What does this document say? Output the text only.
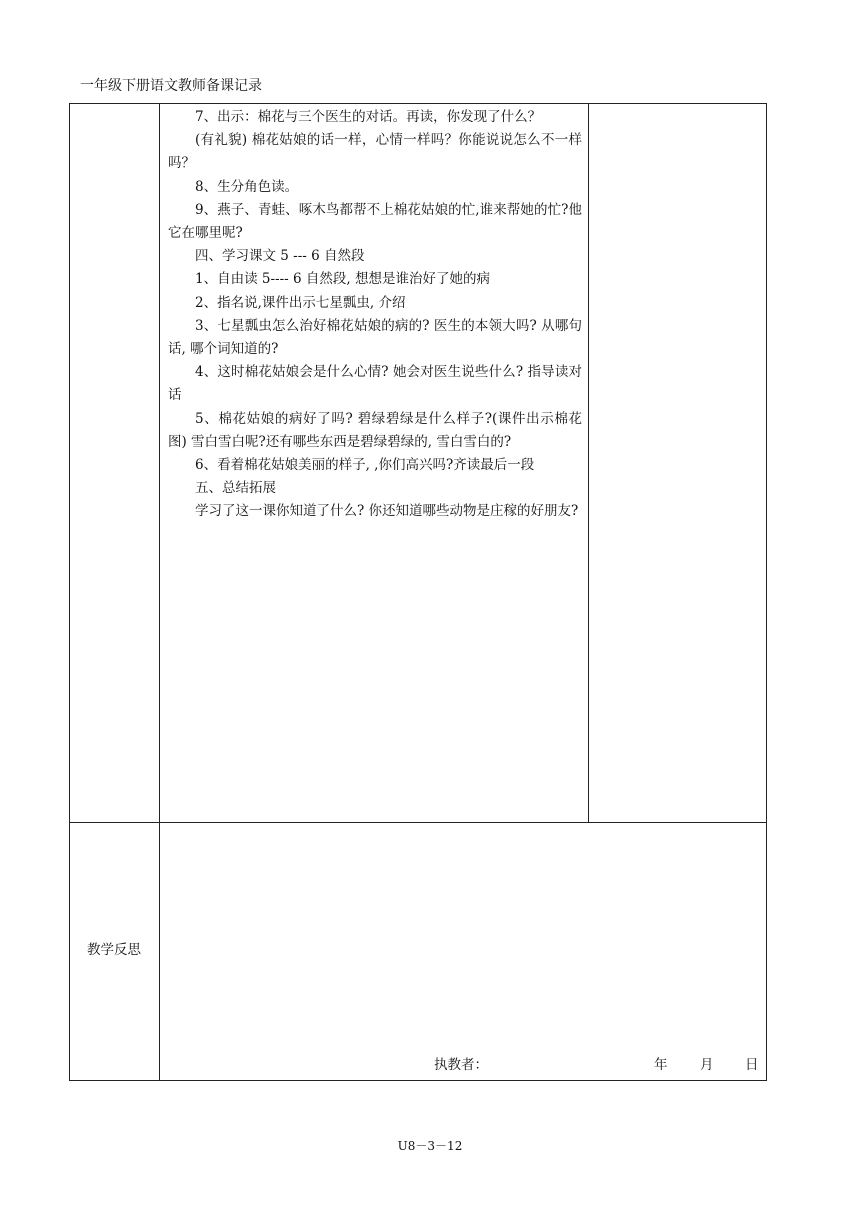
一年级下册语文教师备课记录

7、出示：棉花与三个医生的对话。再读，你发现了什么？

(有礼貌) 棉花姑娘的话一样，心情一样吗？你能说说怎么不一样吗？

8、生分角色读。

9、燕子、青蛙、啄木鸟都帮不上棉花姑娘的忙,谁来帮她的忙?他它在哪里呢?

四、学习课文 5 --- 6 自然段

1、自由读 5---- 6 自然段, 想想是谁治好了她的病

2、指名说,课件出示七星瓢虫, 介绍

3、七星瓢虫怎么治好棉花姑娘的病的? 医生的本领大吗? 从哪句话, 哪个词知道的?

4、这时棉花姑娘会是什么心情? 她会对医生说些什么? 指导读对话

5、棉花姑娘的病好了吗? 碧绿碧绿是什么样子?(课件出示棉花图) 雪白雪白呢?还有哪些东西是碧绿碧绿的, 雪白雪白的?

6、看着棉花姑娘美丽的样子, ,你们高兴吗?齐读最后一段

五、总结拓展

学习了这一课你知道了什么? 你还知道哪些动物是庄稼的好朋友?

教学反思
执教者：	年 月 日
U8－3－12
